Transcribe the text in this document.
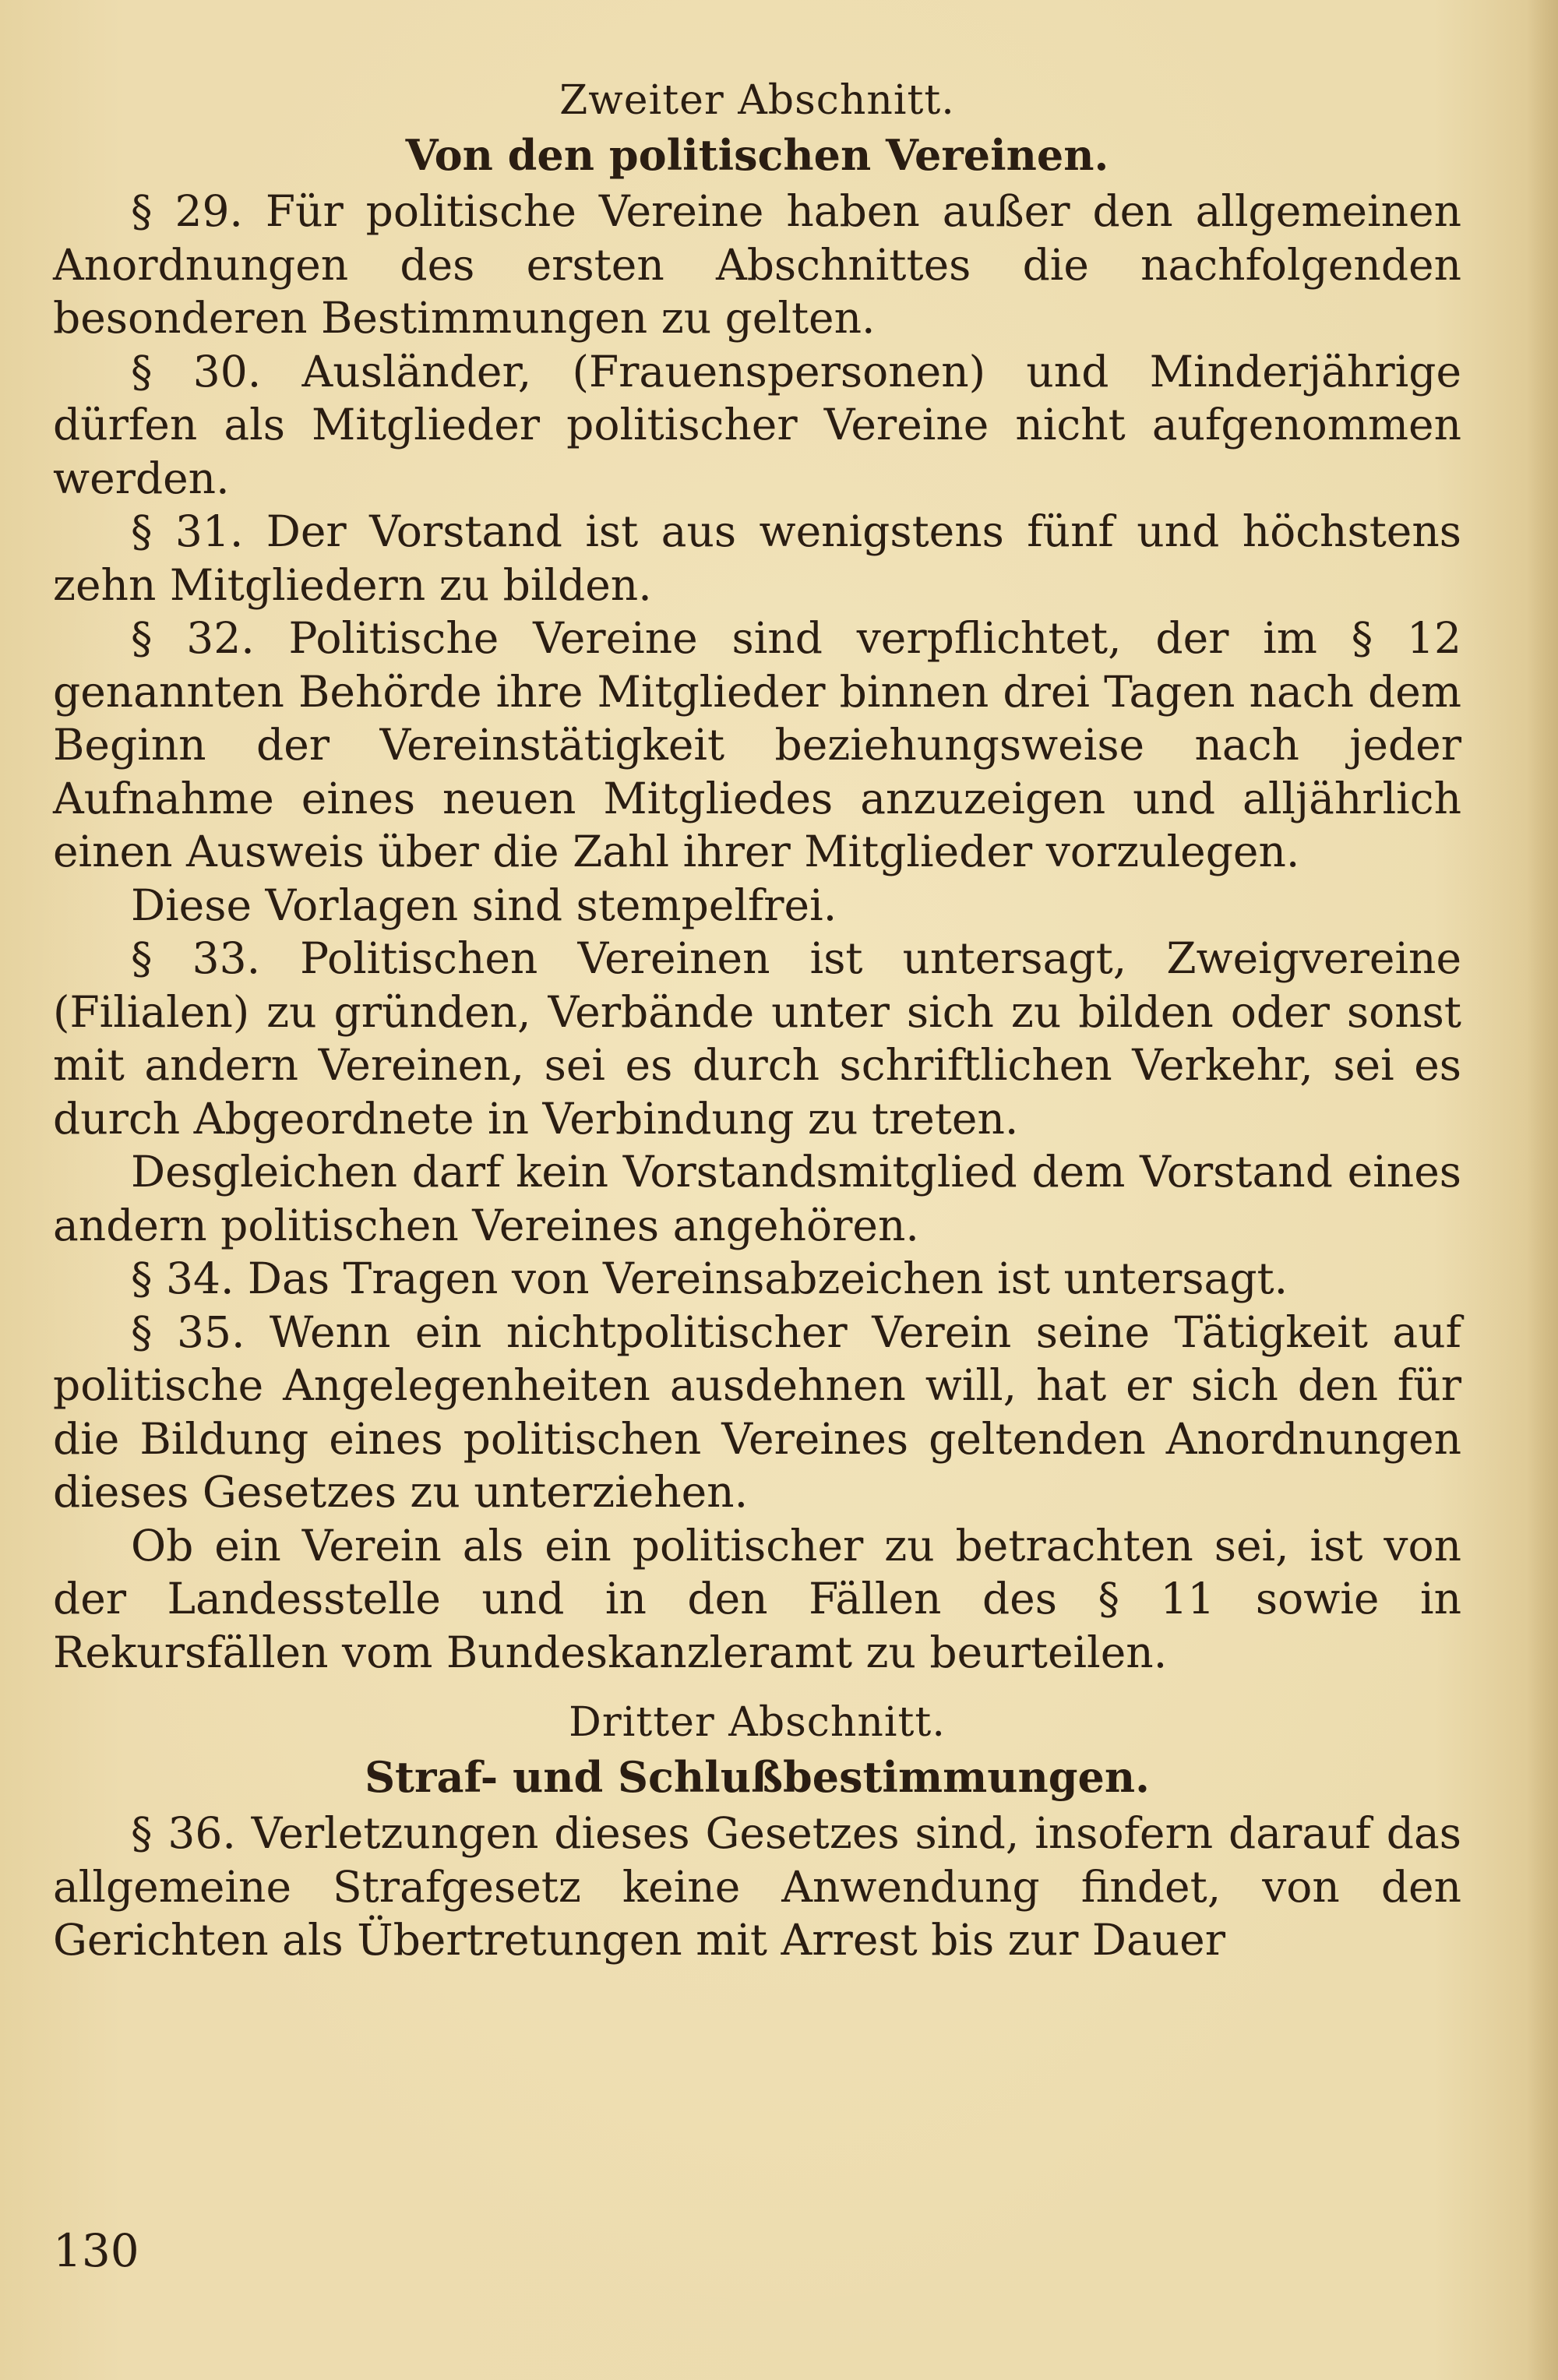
Zweiter Abschnitt.

Von den politischen Vereinen.

§ 29. Für politische Vereine haben außer den allgemeinen Anordnungen des ersten Abschnittes die nachfolgenden besonderen Bestimmungen zu gelten.

§ 30. Ausländer, (Frauenspersonen) und Minderjährige dürfen als Mitglieder politischer Vereine nicht aufgenommen werden.

§ 31. Der Vorstand ist aus wenigstens fünf und höchstens zehn Mitgliedern zu bilden.

§ 32. Politische Vereine sind verpflichtet, der im § 12 genannten Behörde ihre Mitglieder binnen drei Tagen nach dem Beginn der Vereinstätigkeit beziehungsweise nach jeder Aufnahme eines neuen Mitgliedes anzuzeigen und alljährlich einen Ausweis über die Zahl ihrer Mitglieder vorzulegen.

Diese Vorlagen sind stempelfrei.

§ 33. Politischen Vereinen ist untersagt, Zweigvereine (Filialen) zu gründen, Verbände unter sich zu bilden oder sonst mit andern Vereinen, sei es durch schriftlichen Verkehr, sei es durch Abgeordnete in Verbindung zu treten.

Desgleichen darf kein Vorstandsmitglied dem Vorstand eines andern politischen Vereines angehören.

§ 34. Das Tragen von Vereinsabzeichen ist untersagt.

§ 35. Wenn ein nichtpolitischer Verein seine Tätigkeit auf politische Angelegenheiten ausdehnen will, hat er sich den für die Bildung eines politischen Vereines geltenden Anordnungen dieses Gesetzes zu unterziehen.

Ob ein Verein als ein politischer zu betrachten sei, ist von der Landesstelle und in den Fällen des § 11 sowie in Rekursfällen vom Bundeskanzleramt zu beurteilen.

Dritter Abschnitt.

Straf- und Schlußbestimmungen.

§ 36. Verletzungen dieses Gesetzes sind, insofern darauf das allgemeine Strafgesetz keine Anwendung findet, von den Gerichten als Übertretungen mit Arrest bis zur Dauer

130
